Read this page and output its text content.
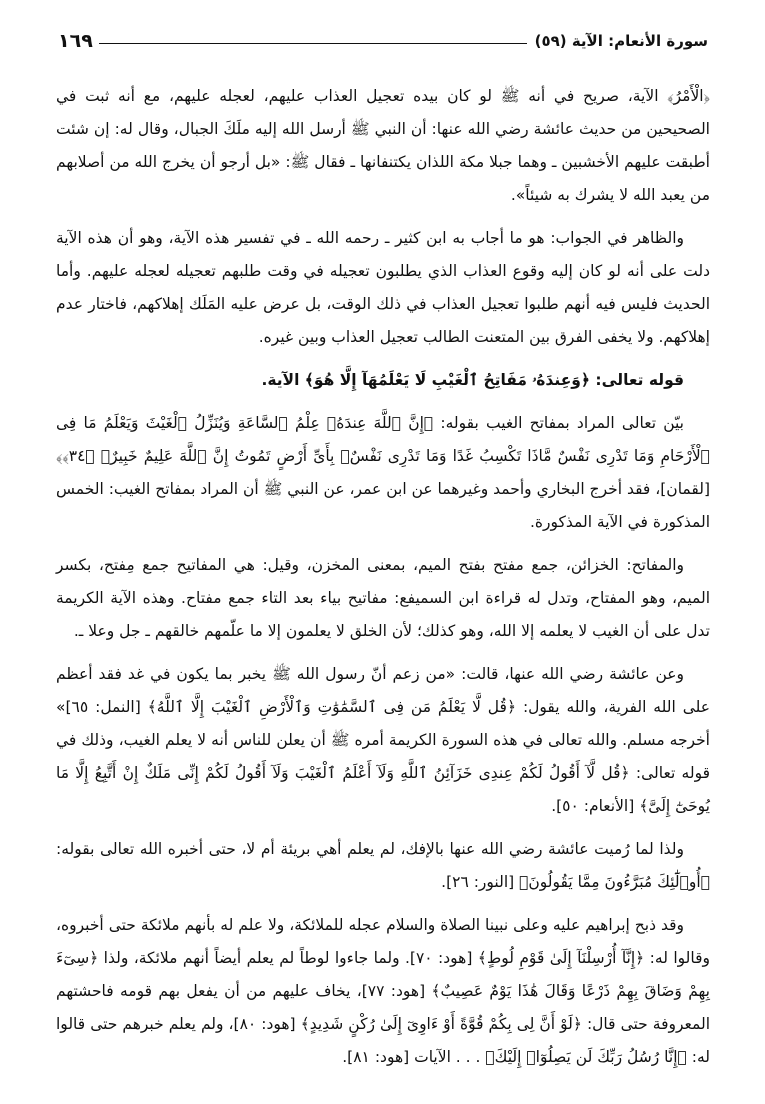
سورة الأنعام: الآية (٥٩)
١٦٩

﴿الْأَمْرُ﴾ الآية، صريح في أنه ﷺ لو كان بيده تعجيل العذاب عليهم، لعجله عليهم، مع أنه ثبت في الصحيحين من حديث عائشة رضي الله عنها: أن النبي ﷺ أرسل الله إليه ملَكَ الجبال، وقال له: إن شئت أطبقت عليهم الأخشبين ـ وهما جبلا مكة اللذان يكتنفانها ـ فقال ﷺ: «بل أرجو أن يخرج الله من أصلابهم من يعبد الله لا يشرك به شيئاً».

والظاهر في الجواب: هو ما أجاب به ابن كثير ـ رحمه الله ـ في تفسير هذه الآية، وهو أن هذه الآية دلت على أنه لو كان إليه وقوع العذاب الذي يطلبون تعجيله في وقت طلبهم تعجيله لعجله عليهم. وأما الحديث فليس فيه أنهم طلبوا تعجيل العذاب في ذلك الوقت، بل عرض عليه المَلَك إهلاكهم، فاختار عدم إهلاكهم. ولا يخفى الفرق بين المتعنت الطالب تعجيل العذاب وبين غيره.

قوله تعالى: ﴿وَعِندَهُۥ مَفَاتِحُ ٱلْغَيْبِ لَا يَعْلَمُهَآ إِلَّا هُوَ﴾ الآية.

بيّن تعالى المراد بمفاتح الغيب بقوله: ﴿إِنَّ ٱللَّهَ عِندَهُۥ عِلْمُ ٱلسَّاعَةِ وَيُنَزِّلُ ٱلْغَيْثَ وَيَعْلَمُ مَا فِى ٱلْأَرْحَامِ وَمَا تَدْرِى نَفْسٌ مَّاذَا تَكْسِبُ غَدًا وَمَا تَدْرِى نَفْسٌۢ بِأَىِّ أَرْضٍ تَمُوتُ إِنَّ ٱللَّهَ عَلِيمٌ خَبِيرٌۢ ﴿٣٤﴾﴾ [لقمان]، فقد أخرج البخاري وأحمد وغيرهما عن ابن عمر، عن النبي ﷺ أن المراد بمفاتح الغيب: الخمس المذكورة في الآية المذكورة.

والمفاتح: الخزائن، جمع مفتح بفتح الميم، بمعنى المخزن، وقيل: هي المفاتيح جمع مِفتح، بكسر الميم، وهو المفتاح، وتدل له قراءة ابن السميفع: مفاتيح بياء بعد التاء جمع مفتاح. وهذه الآية الكريمة تدل على أن الغيب لا يعلمه إلا الله، وهو كذلك؛ لأن الخلق لا يعلمون إلا ما علّمهم خالقهم ـ جل وعلا ـ.

وعن عائشة رضي الله عنها، قالت: «من زعم أنّ رسول الله ﷺ يخبر بما يكون في غد فقد أعظم على الله الفرية، والله يقول: ﴿قُل لَّا يَعْلَمُ مَن فِى ٱلسَّمَٰوَٰتِ وَٱلْأَرْضِ ٱلْغَيْبَ إِلَّا ٱللَّهُ﴾ [النمل: ٦٥]» أخرجه مسلم. والله تعالى في هذه السورة الكريمة أمره ﷺ أن يعلن للناس أنه لا يعلم الغيب، وذلك في قوله تعالى: ﴿قُل لَّآ أَقُولُ لَكُمْ عِندِى خَزَآئِنُ ٱللَّهِ وَلَآ أَعْلَمُ ٱلْغَيْبَ وَلَآ أَقُولُ لَكُمْ إِنِّى مَلَكٌ إِنْ أَتَّبِعُ إِلَّا مَا يُوحَىٰٓ إِلَىَّ﴾ [الأنعام: ٥٠].

ولذا لما رُميت عائشة رضي الله عنها بالإفك، لم يعلم أهي بريئة أم لا، حتى أخبره الله تعالى بقوله: ﴿أُو۟لَٰٓئِكَ مُبَرَّءُونَ مِمَّا يَقُولُونَ﴾ [النور: ٢٦].

وقد ذبح إبراهيم عليه وعلى نبينا الصلاة والسلام عجله للملائكة، ولا علم له بأنهم ملائكة حتى أخبروه، وقالوا له: ﴿إِنَّآ أُرْسِلْنَآ إِلَىٰ قَوْمِ لُوطٍ﴾ [هود: ٧٠]. ولما جاءوا لوطاً لم يعلم أيضاً أنهم ملائكة، ولذا ﴿سِىٓءَ بِهِمْ وَضَاقَ بِهِمْ ذَرْعًا وَقَالَ هَٰذَا يَوْمٌ عَصِيبٌ﴾ [هود: ٧٧]، يخاف عليهم من أن يفعل بهم قومه فاحشتهم المعروفة حتى قال: ﴿لَوْ أَنَّ لِى بِكُمْ قُوَّةً أَوْ ءَاوِىٓ إِلَىٰ رُكْنٍ شَدِيدٍ﴾ [هود: ٨٠]، ولم يعلم خبرهم حتى قالوا له: ﴿إِنَّا رُسُلُ رَبِّكَ لَن يَصِلُوٓا۟ إِلَيْكَ﴾ . . . الآيات [هود: ٨١].
